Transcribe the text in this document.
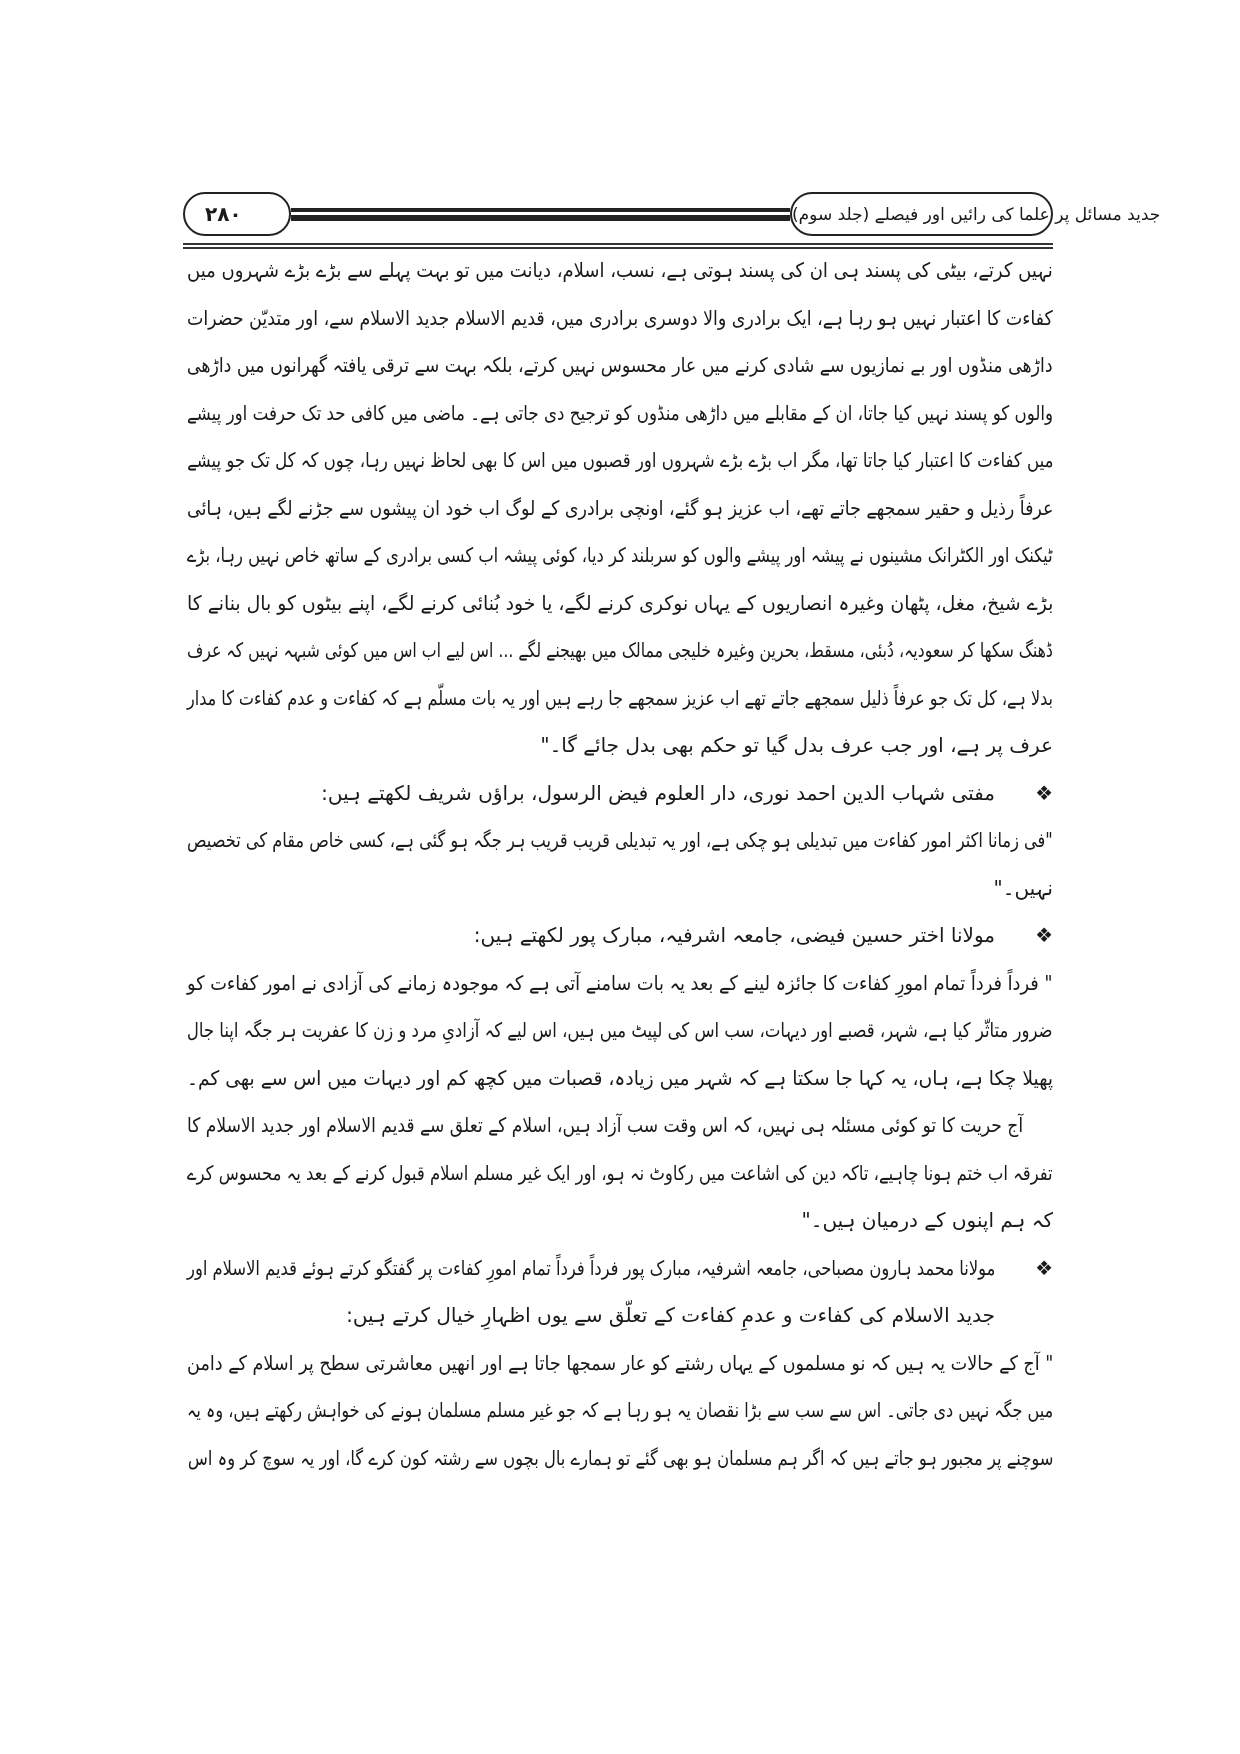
۲۸۰	جدید مسائل پر علما کی رائیں اور فیصلے (جلد سوم)
نہیں کرتے، بیٹی کی پسند ہی ان کی پسند ہوتی ہے، نسب، اسلام، دیانت میں تو بہت پہلے سے بڑے بڑے شہروں میں
کفاءت کا اعتبار نہیں ہو رہا ہے، ایک برادری والا دوسری برادری میں، قدیم الاسلام جدید الاسلام سے، اور متدیّن حضرات
داڑھی منڈوں اور بے نمازیوں سے شادی کرنے میں عار محسوس نہیں کرتے، بلکہ بہت سے ترقی یافتہ گھرانوں میں داڑھی
والوں کو پسند نہیں کیا جاتا، ان کے مقابلے میں داڑھی منڈوں کو ترجیح دی جاتی ہے۔ ماضی میں کافی حد تک حرفت اور پیشے
میں کفاءت کا اعتبار کیا جاتا تھا، مگر اب بڑے بڑے شہروں اور قصبوں میں اس کا بھی لحاظ نہیں رہا، چوں کہ کل تک جو پیشے
عرفاً رذیل و حقیر سمجھے جاتے تھے، اب عزیز ہو گئے، اونچی برادری کے لوگ اب خود ان پیشوں سے جڑنے لگے ہیں، ہائی
ٹیکنک اور الکٹرانک مشینوں نے پیشہ اور پیشے والوں کو سربلند کر دیا، کوئی پیشہ اب کسی برادری کے ساتھ خاص نہیں رہا، بڑے
بڑے شیخ، مغل، پٹھان وغیرہ انصاریوں کے یہاں نوکری کرنے لگے، یا خود بُنائی کرنے لگے، اپنے بیٹوں کو بال بنانے کا
ڈھنگ سکھا کر سعودیہ، دُبئی، مسقط، بحرین وغیرہ خلیجی ممالک میں بھیجنے لگے ... اس لیے اب اس میں کوئی شبہہ نہیں کہ عرف
بدلا ہے، کل تک جو عرفاً ذلیل سمجھے جاتے تھے اب عزیز سمجھے جا رہے ہیں اور یہ بات مسلّم ہے کہ کفاءت و عدم کفاءت کا مدار
عرف پر ہے، اور جب عرف بدل گیا تو حکم بھی بدل جائے گا۔"
❖
مفتی شہاب الدین احمد نوری، دار العلوم فیض الرسول، براؤں شریف لکھتے ہیں:
"فی زمانا اکثر امور کفاءت میں تبدیلی ہو چکی ہے، اور یہ تبدیلی قریب قریب ہر جگہ ہو گئی ہے، کسی خاص مقام کی تخصیص
نہیں۔"
❖
مولانا اختر حسین فیضی، جامعہ اشرفیہ، مبارک پور لکھتے ہیں:
" فرداً فرداً تمام امورِ کفاءت کا جائزہ لینے کے بعد یہ بات سامنے آتی ہے کہ موجودہ زمانے کی آزادی نے امور کفاءت کو
ضرور متاثّر کیا ہے، شہر، قصبے اور دیہات، سب اس کی لپیٹ میں ہیں، اس لیے کہ آزادیِ مرد و زن کا عفریت ہر جگہ اپنا جال
پھیلا چکا ہے، ہاں، یہ کہا جا سکتا ہے کہ شہر میں زیادہ، قصبات میں کچھ کم اور دیہات میں اس سے بھی کم۔
آج حریت کا تو کوئی مسئلہ ہی نہیں، کہ اس وقت سب آزاد ہیں، اسلام کے تعلق سے قدیم الاسلام اور جدید الاسلام کا
تفرقہ اب ختم ہونا چاہیے، تاکہ دین کی اشاعت میں رکاوٹ نہ ہو، اور ایک غیر مسلم اسلام قبول کرنے کے بعد یہ محسوس کرے
کہ ہم اپنوں کے درمیان ہیں۔"
❖
مولانا محمد ہارون مصباحی، جامعہ اشرفیہ، مبارک پور فرداً فرداً تمام امورِ کفاءت پر گفتگو کرتے ہوئے قدیم الاسلام اور
جدید الاسلام کی کفاءت و عدمِ کفاءت کے تعلّق سے یوں اظہارِ خیال کرتے ہیں:
" آج کے حالات یہ ہیں کہ نو مسلموں کے یہاں رشتے کو عار سمجھا جاتا ہے اور انھیں معاشرتی سطح پر اسلام کے دامن
میں جگہ نہیں دی جاتی۔ اس سے سب سے بڑا نقصان یہ ہو رہا ہے کہ جو غیر مسلم مسلمان ہونے کی خواہش رکھتے ہیں، وہ یہ
سوچنے پر مجبور ہو جاتے ہیں کہ اگر ہم مسلمان ہو بھی گئے تو ہمارے بال بچوں سے رشتہ کون کرے گا، اور یہ سوچ کر وہ اس
